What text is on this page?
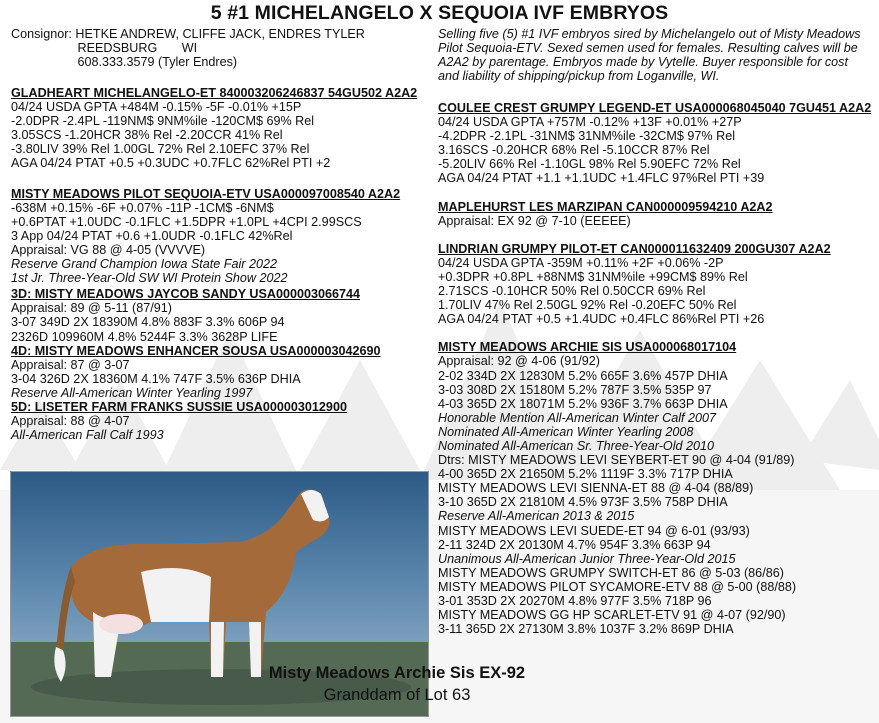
5 #1 MICHELANGELO X SEQUOIA IVF EMBRYOS
Consignor: HETKE ANDREW, CLIFFE JACK, ENDRES TYLER
REEDSBURG       WI
608.333.3579 (Tyler Endres)
Selling five (5) #1 IVF embryos sired by Michelangelo out of Misty Meadows Pilot Sequoia-ETV. Sexed semen used for females. Resulting calves will be A2A2 by parentage. Embryos made by Vytelle. Buyer responsible for cost and liability of shipping/pickup from Loganville, WI.
GLADHEART MICHELANGELO-ET 840003206246837 54GU502 A2A2
04/24 USDA GPTA +484M -0.15% -5F -0.01% +15P
-2.0DPR -2.4PL -119NM$ 9NM%ile -120CM$ 69% Rel
3.05SCS -1.20HCR 38% Rel -2.20CCR 41% Rel
-3.80LIV 39% Rel 1.00GL 72% Rel 2.10EFC 37% Rel
AGA 04/24 PTAT +0.5 +0.3UDC +0.7FLC 62%Rel PTI +2
MISTY MEADOWS PILOT SEQUOIA-ETV USA000097008540 A2A2
-638M +0.15% -6F +0.07% -11P -1CM$ -6NM$
+0.6PTAT +1.0UDC -0.1FLC +1.5DPR +1.0PL +4CPI 2.99SCS
3 App 04/24 PTAT +0.6 +1.0UDR -0.1FLC 42%Rel
Appraisal: VG 88 @ 4-05 (VVVVE)
Reserve Grand Champion Iowa State Fair 2022
1st Jr. Three-Year-Old SW WI Protein Show 2022
3D: MISTY MEADOWS JAYCOB SANDY USA000003066744
Appraisal: 89 @ 5-11 (87/91)
3-07 349D 2X 18390M 4.8% 883F 3.3% 606P 94
2326D 109960M 4.8% 5244F 3.3% 3628P LIFE
4D: MISTY MEADOWS ENHANCER SOUSA USA000003042690
Appraisal: 87 @ 3-07
3-04 326D 2X 18360M 4.1% 747F 3.5% 636P DHIA
Reserve All-American Winter Yearling 1997
5D: LISETER FARM FRANKS SUSSIE USA000003012900
Appraisal: 88 @ 4-07
All-American Fall Calf 1993
COULEE CREST GRUMPY LEGEND-ET USA000068045040 7GU451 A2A2
04/24 USDA GPTA +757M -0.12% +13F +0.01% +27P
-4.2DPR -2.1PL -31NM$ 31NM%ile -32CM$ 97% Rel
3.16SCS -0.20HCR 68% Rel -5.10CCR 87% Rel
-5.20LIV 66% Rel -1.10GL 98% Rel 5.90EFC 72% Rel
AGA 04/24 PTAT +1.1 +1.1UDC +1.4FLC 97%Rel PTI +39
MAPLEHURST LES MARZIPAN CAN000009594210 A2A2
Appraisal: EX 92 @ 7-10 (EEEEE)
LINDRIAN GRUMPY PILOT-ET CAN000011632409 200GU307 A2A2
04/24 USDA GPTA -359M +0.11% +2F +0.06% -2P
+0.3DPR +0.8PL +88NM$ 31NM%ile +99CM$ 89% Rel
2.71SCS -0.10HCR 50% Rel 0.50CCR 69% Rel
1.70LIV 47% Rel 2.50GL 92% Rel -0.20EFC 50% Rel
AGA 04/24 PTAT +0.5 +1.4UDC +0.4FLC 86%Rel PTI +26
MISTY MEADOWS ARCHIE SIS USA000068017104
Appraisal: 92 @ 4-06 (91/92)
2-02 334D 2X 12830M 5.2% 665F 3.6% 457P DHIA
3-03 308D 2X 15180M 5.2% 787F 3.5% 535P 97
4-03 365D 2X 18071M 5.2% 936F 3.7% 663P DHIA
Honorable Mention All-American Winter Calf 2007
Nominated All-American Winter Yearling 2008
Nominated All-American Sr. Three-Year-Old 2010
Dtrs: MISTY MEADOWS LEVI SEYBERT-ET 90 @ 4-04 (91/89)
4-00 365D 2X 21650M 5.2% 1119F 3.3% 717P DHIA
MISTY MEADOWS LEVI SIENNA-ET 88 @ 4-04 (88/89)
3-10 365D 2X 21810M 4.5% 973F 3.5% 758P DHIA
Reserve All-American 2013 & 2015
MISTY MEADOWS LEVI SUEDE-ET 94 @ 6-01 (93/93)
2-11 324D 2X 20130M 4.7% 954F 3.3% 663P 94
Unanimous All-American Junior Three-Year-Old 2015
MISTY MEADOWS GRUMPY SWITCH-ET 86 @ 5-03 (86/86)
MISTY MEADOWS PILOT SYCAMORE-ETV 88 @ 5-00 (88/88)
3-01 353D 2X 20270M 4.8% 977F 3.5% 718P 96
MISTY MEADOWS GG HP SCARLET-ETV 91 @ 4-07 (92/90)
3-11 365D 2X 27130M 3.8% 1037F 3.2% 869P DHIA
Misty Meadows Archie Sis EX-92
Granddam of Lot 63
